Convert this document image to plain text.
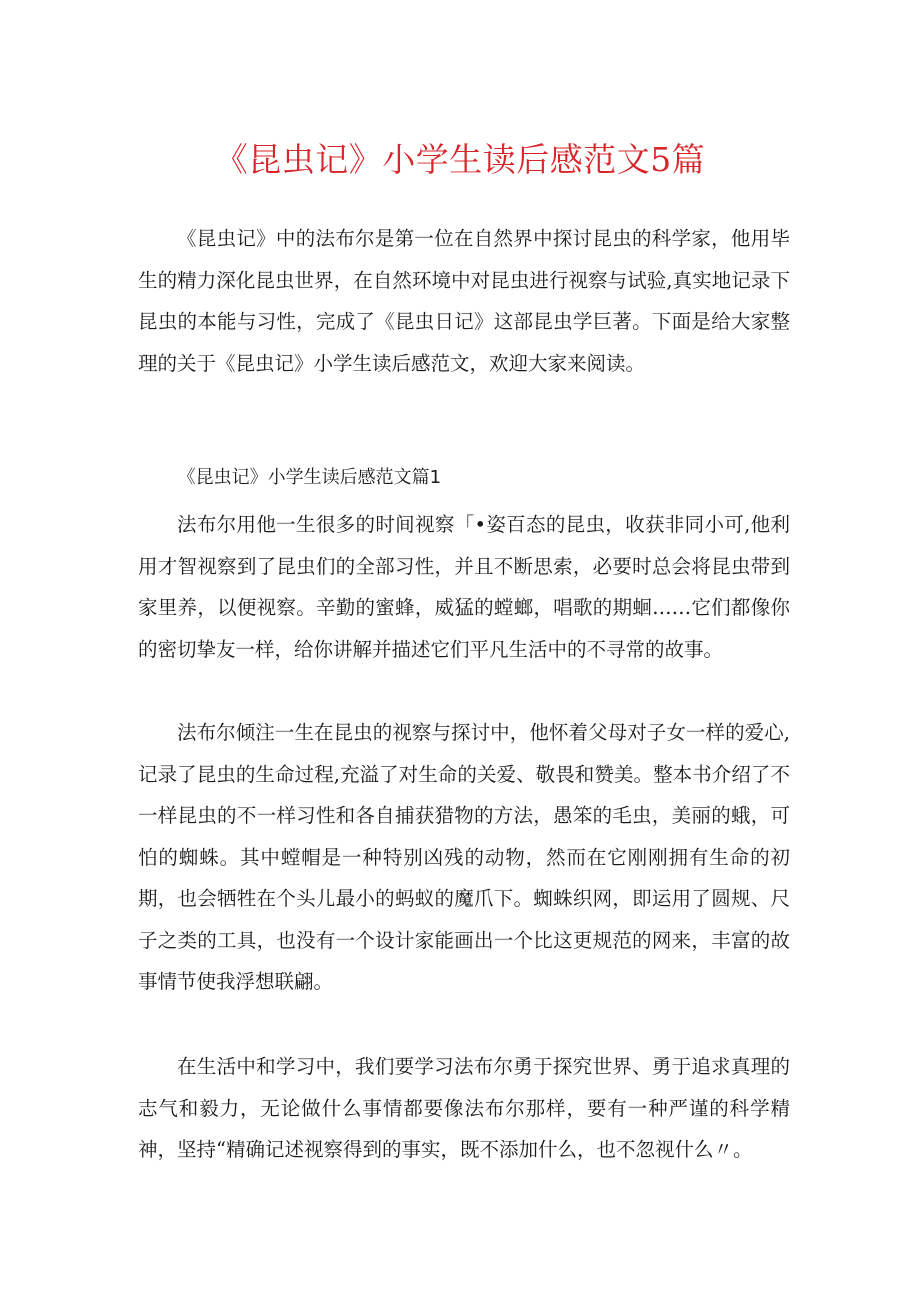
《昆虫记》小学生读后感范文5篇

《昆虫记》中的法布尔是第一位在自然界中探讨昆虫的科学家，他用毕生的精力深化昆虫世界，在自然环境中对昆虫进行视察与试验,真实地记录下昆虫的本能与习性，完成了《昆虫日记》这部昆虫学巨著。下面是给大家整理的关于《昆虫记》小学生读后感范文，欢迎大家来阅读。

《昆虫记》小学生读后感范文篇1

法布尔用他一生很多的时间视察「•姿百态的昆虫，收获非同小可,他利用才智视察到了昆虫们的全部习性，并且不断思索，必要时总会将昆虫带到家里养，以便视察。辛勤的蜜蜂，威猛的螳螂，唱歌的期蛔……它们都像你的密切挚友一样，给你讲解并描述它们平凡生活中的不寻常的故事。

法布尔倾注一生在昆虫的视察与探讨中，他怀着父母对子女一样的爱心,记录了昆虫的生命过程,充溢了对生命的关爱、敬畏和赞美。整本书介绍了不一样昆虫的不一样习性和各自捕获猎物的方法，愚笨的毛虫，美丽的蛾，可怕的蜘蛛。其中螳帽是一种特别凶残的动物，然而在它刚刚拥有生命的初期，也会牺牲在个头儿最小的蚂蚁的魔爪下。蜘蛛织网，即运用了圆规、尺子之类的工具，也没有一个设计家能画出一个比这更规范的网来，丰富的故事情节使我浮想联翩。

在生活中和学习中，我们要学习法布尔勇于探究世界、勇于追求真理的志气和毅力，无论做什么事情都要像法布尔那样，要有一种严谨的科学精神，坚持“精确记述视察得到的事实，既不添加什么，也不忽视什么〃。
